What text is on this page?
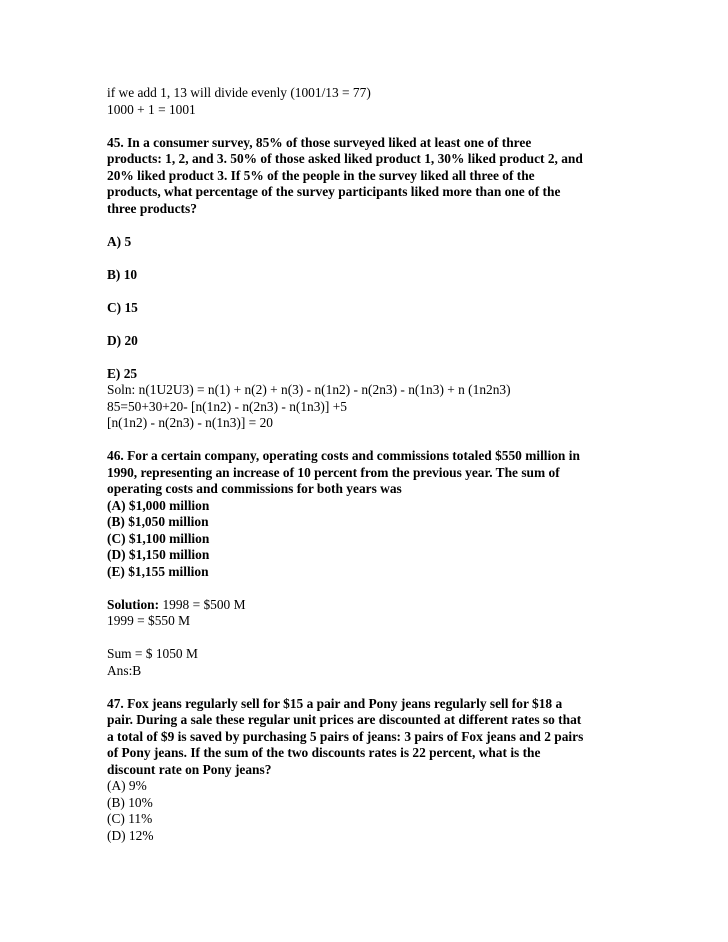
if we add 1, 13 will divide evenly (1001/13 = 77)
1000 + 1 = 1001
45. In a consumer survey, 85% of those surveyed liked at least one of three
products: 1, 2, and 3. 50% of those asked liked product 1, 30% liked product 2, and
20% liked product 3. If 5% of the people in the survey liked all three of the
products, what percentage of the survey participants liked more than one of the
three products?
A) 5
B) 10
C) 15
D) 20
E) 25
Soln: n(1U2U3) = n(1) + n(2) + n(3) - n(1n2) - n(2n3) - n(1n3) + n (1n2n3)
85=50+30+20- [n(1n2) - n(2n3) - n(1n3)] +5
[n(1n2) - n(2n3) - n(1n3)] = 20
46. For a certain company, operating costs and commissions totaled $550 million in
1990, representing an increase of 10 percent from the previous year. The sum of
operating costs and commissions for both years was
(A) $1,000 million
(B) $1,050 million
(C) $1,100 million
(D) $1,150 million
(E) $1,155 million
Solution: 1998 = $500 M
1999 = $550 M
Sum = $ 1050 M
Ans:B
47. Fox jeans regularly sell for $15 a pair and Pony jeans regularly sell for $18 a
pair. During a sale these regular unit prices are discounted at different rates so that
a total of $9 is saved by purchasing 5 pairs of jeans: 3 pairs of Fox jeans and 2 pairs
of Pony jeans. If the sum of the two discounts rates is 22 percent, what is the
discount rate on Pony jeans?
(A) 9%
(B) 10%
(C) 11%
(D) 12%
